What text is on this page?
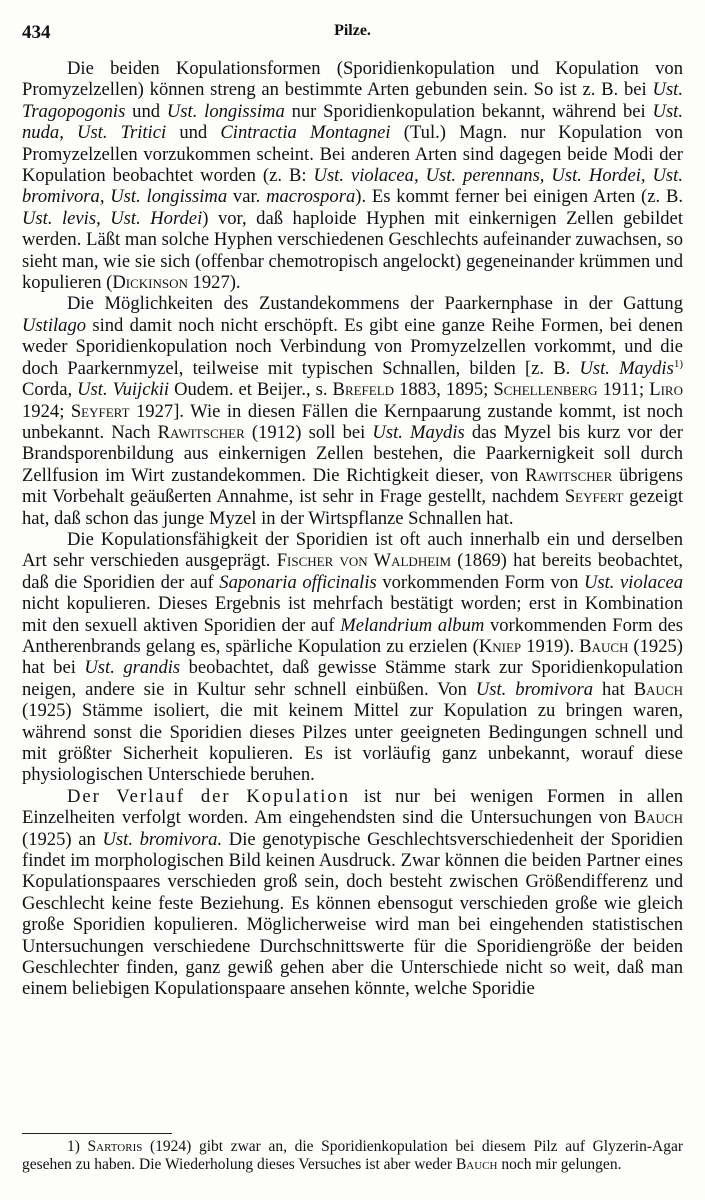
434	Pilze.

Die beiden Kopulationsformen (Sporidienkopulation und Kopulation von Promyzelzellen) können streng an bestimmte Arten gebunden sein. So ist z. B. bei Ust. Tragopogonis und Ust. longissima nur Sporidienkopulation bekannt, während bei Ust. nuda, Ust. Tritici und Cintractia Montagnei (Tul.) Magn. nur Kopulation von Promyzelzellen vorzukommen scheint. Bei anderen Arten sind dagegen beide Modi der Kopulation beobachtet worden (z. B: Ust. violacea, Ust. perennans, Ust. Hordei, Ust. bromivora, Ust. longissima var. macrospora). Es kommt ferner bei einigen Arten (z. B. Ust. levis, Ust. Hordei) vor, daß haploide Hyphen mit einkernigen Zellen gebildet werden. Läßt man solche Hyphen verschiedenen Geschlechts aufeinander zuwachsen, so sieht man, wie sie sich (offenbar chemotropisch angelockt) gegeneinander krümmen und kopulieren (Dickinson 1927).

Die Möglichkeiten des Zustandekommens der Paarkernphase in der Gattung Ustilago sind damit noch nicht erschöpft. Es gibt eine ganze Reihe Formen, bei denen weder Sporidienkopulation noch Verbindung von Promyzelzellen vorkommt, und die doch Paarkernmyzel, teilweise mit typischen Schnallen, bilden [z. B. Ust. Maydis$^{1)}$ Corda, Ust. Vuijckii Oudem. et Beijer., s. Brefeld 1883, 1895; Schellenberg 1911; Liro 1924; Seyfert 1927]. Wie in diesen Fällen die Kernpaarung zustande kommt, ist noch unbekannt. Nach Rawitscher (1912) soll bei Ust. Maydis das Myzel bis kurz vor der Brandsporenbildung aus einkernigen Zellen bestehen, die Paarkernigkeit soll durch Zellfusion im Wirt zustandekommen. Die Richtigkeit dieser, von Rawitscher übrigens mit Vorbehalt geäußerten Annahme, ist sehr in Frage gestellt, nachdem Seyfert gezeigt hat, daß schon das junge Myzel in der Wirtspflanze Schnallen hat.

Die Kopulationsfähigkeit der Sporidien ist oft auch innerhalb ein und derselben Art sehr verschieden ausgeprägt. Fischer von Waldheim (1869) hat bereits beobachtet, daß die Sporidien der auf Saponaria officinalis vorkommenden Form von Ust. violacea nicht kopulieren. Dieses Ergebnis ist mehrfach bestätigt worden; erst in Kombination mit den sexuell aktiven Sporidien der auf Melandrium album vorkommenden Form des Antherenbrands gelang es, spärliche Kopulation zu erzielen (Kniep 1919). Bauch (1925) hat bei Ust. grandis beobachtet, daß gewisse Stämme stark zur Sporidienkopulation neigen, andere sie in Kultur sehr schnell einbüßen. Von Ust. bromivora hat Bauch (1925) Stämme isoliert, die mit keinem Mittel zur Kopulation zu bringen waren, während sonst die Sporidien dieses Pilzes unter geeigneten Bedingungen schnell und mit größter Sicherheit kopulieren. Es ist vorläufig ganz unbekannt, worauf diese physiologischen Unterschiede beruhen.

Der Verlauf der Kopulation ist nur bei wenigen Formen in allen Einzelheiten verfolgt worden. Am eingehendsten sind die Untersuchungen von Bauch (1925) an Ust. bromivora. Die genotypische Geschlechtsverschiedenheit der Sporidien findet im morphologischen Bild keinen Ausdruck. Zwar können die beiden Partner eines Kopulationspaares verschieden groß sein, doch besteht zwischen Größendifferenz und Geschlecht keine feste Beziehung. Es können ebensogut verschieden große wie gleich große Sporidien kopulieren. Möglicherweise wird man bei eingehenden statistischen Untersuchungen verschiedene Durchschnittswerte für die Sporidiengröße der beiden Geschlechter finden, ganz gewiß gehen aber die Unterschiede nicht so weit, daß man einem beliebigen Kopulationspaare ansehen könnte, welche Sporidie

1) Sartoris (1924) gibt zwar an, die Sporidienkopulation bei diesem Pilz auf Glyzerin-Agar gesehen zu haben. Die Wiederholung dieses Versuches ist aber weder Bauch noch mir gelungen.
